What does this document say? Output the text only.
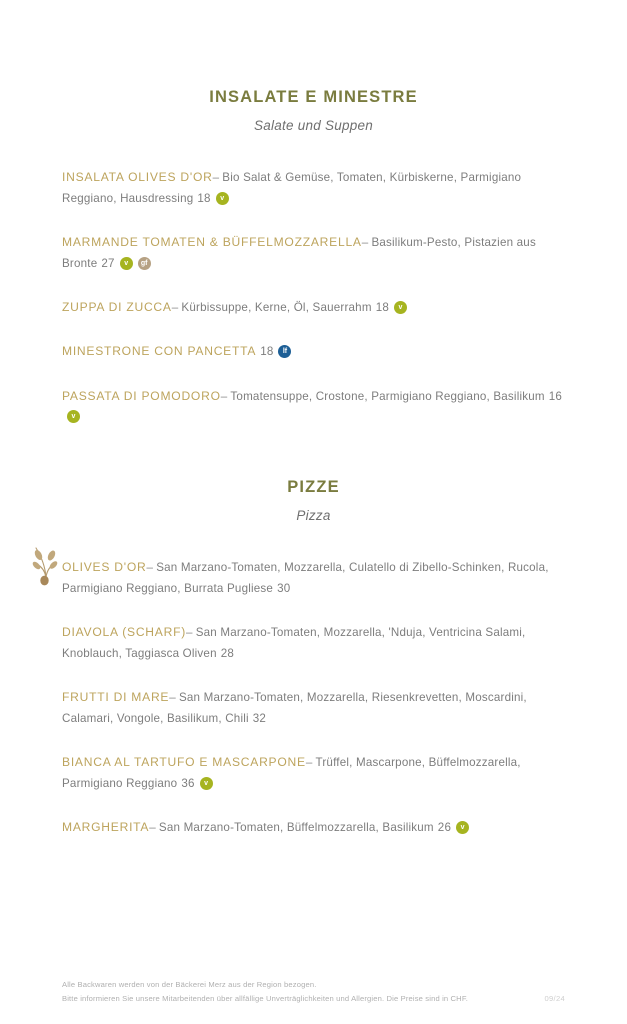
INSALATE E MINESTRE
Salate und Suppen
INSALATA OLIVES D'OR– Bio Salat & Gemüse, Tomaten, Kürbiskerne, Parmigiano Reggiano, Hausdressing 18 v
MARMANDE TOMATEN & BÜFFELMOZZARELLA– Basilikum-Pesto, Pistazien aus Bronte 27 v gf
ZUPPA DI ZUCCA– Kürbissuppe, Kerne, Öl, Sauerrahm 18 v
MINESTRONE CON PANCETTA 18 lf
PASSATA DI POMODORO– Tomatensuppe, Crostone, Parmigiano Reggiano, Basilikum 16v
PIZZE
Pizza
OLIVES D'OR– San Marzano-Tomaten, Mozzarella, Culatello di Zibello-Schinken, Rucola, Parmigiano Reggiano, Burrata Pugliese 30
DIAVOLA (SCHARF)– San Marzano-Tomaten, Mozzarella, 'Nduja, Ventricina Salami, Knoblauch, Taggiasca Oliven 28
FRUTTI DI MARE– San Marzano-Tomaten, Mozzarella, Riesenkrevetten, Moscardini, Calamari, Vongole, Basilikum, Chili 32
BIANCA AL TARTUFO E MASCARPONE– Trüffel, Mascarpone, Büffelmozzarella, Parmigiano Reggiano 36 v
MARGHERITA– San Marzano-Tomaten, Büffelmozzarella, Basilikum 26 v
Alle Backwaren werden von der Bäckerei Merz aus der Region bezogen.
Bitte informieren Sie unsere Mitarbeitenden über allfällige Unverträglichkeiten und Allergien. Die Preise sind in CHF.	09/24
